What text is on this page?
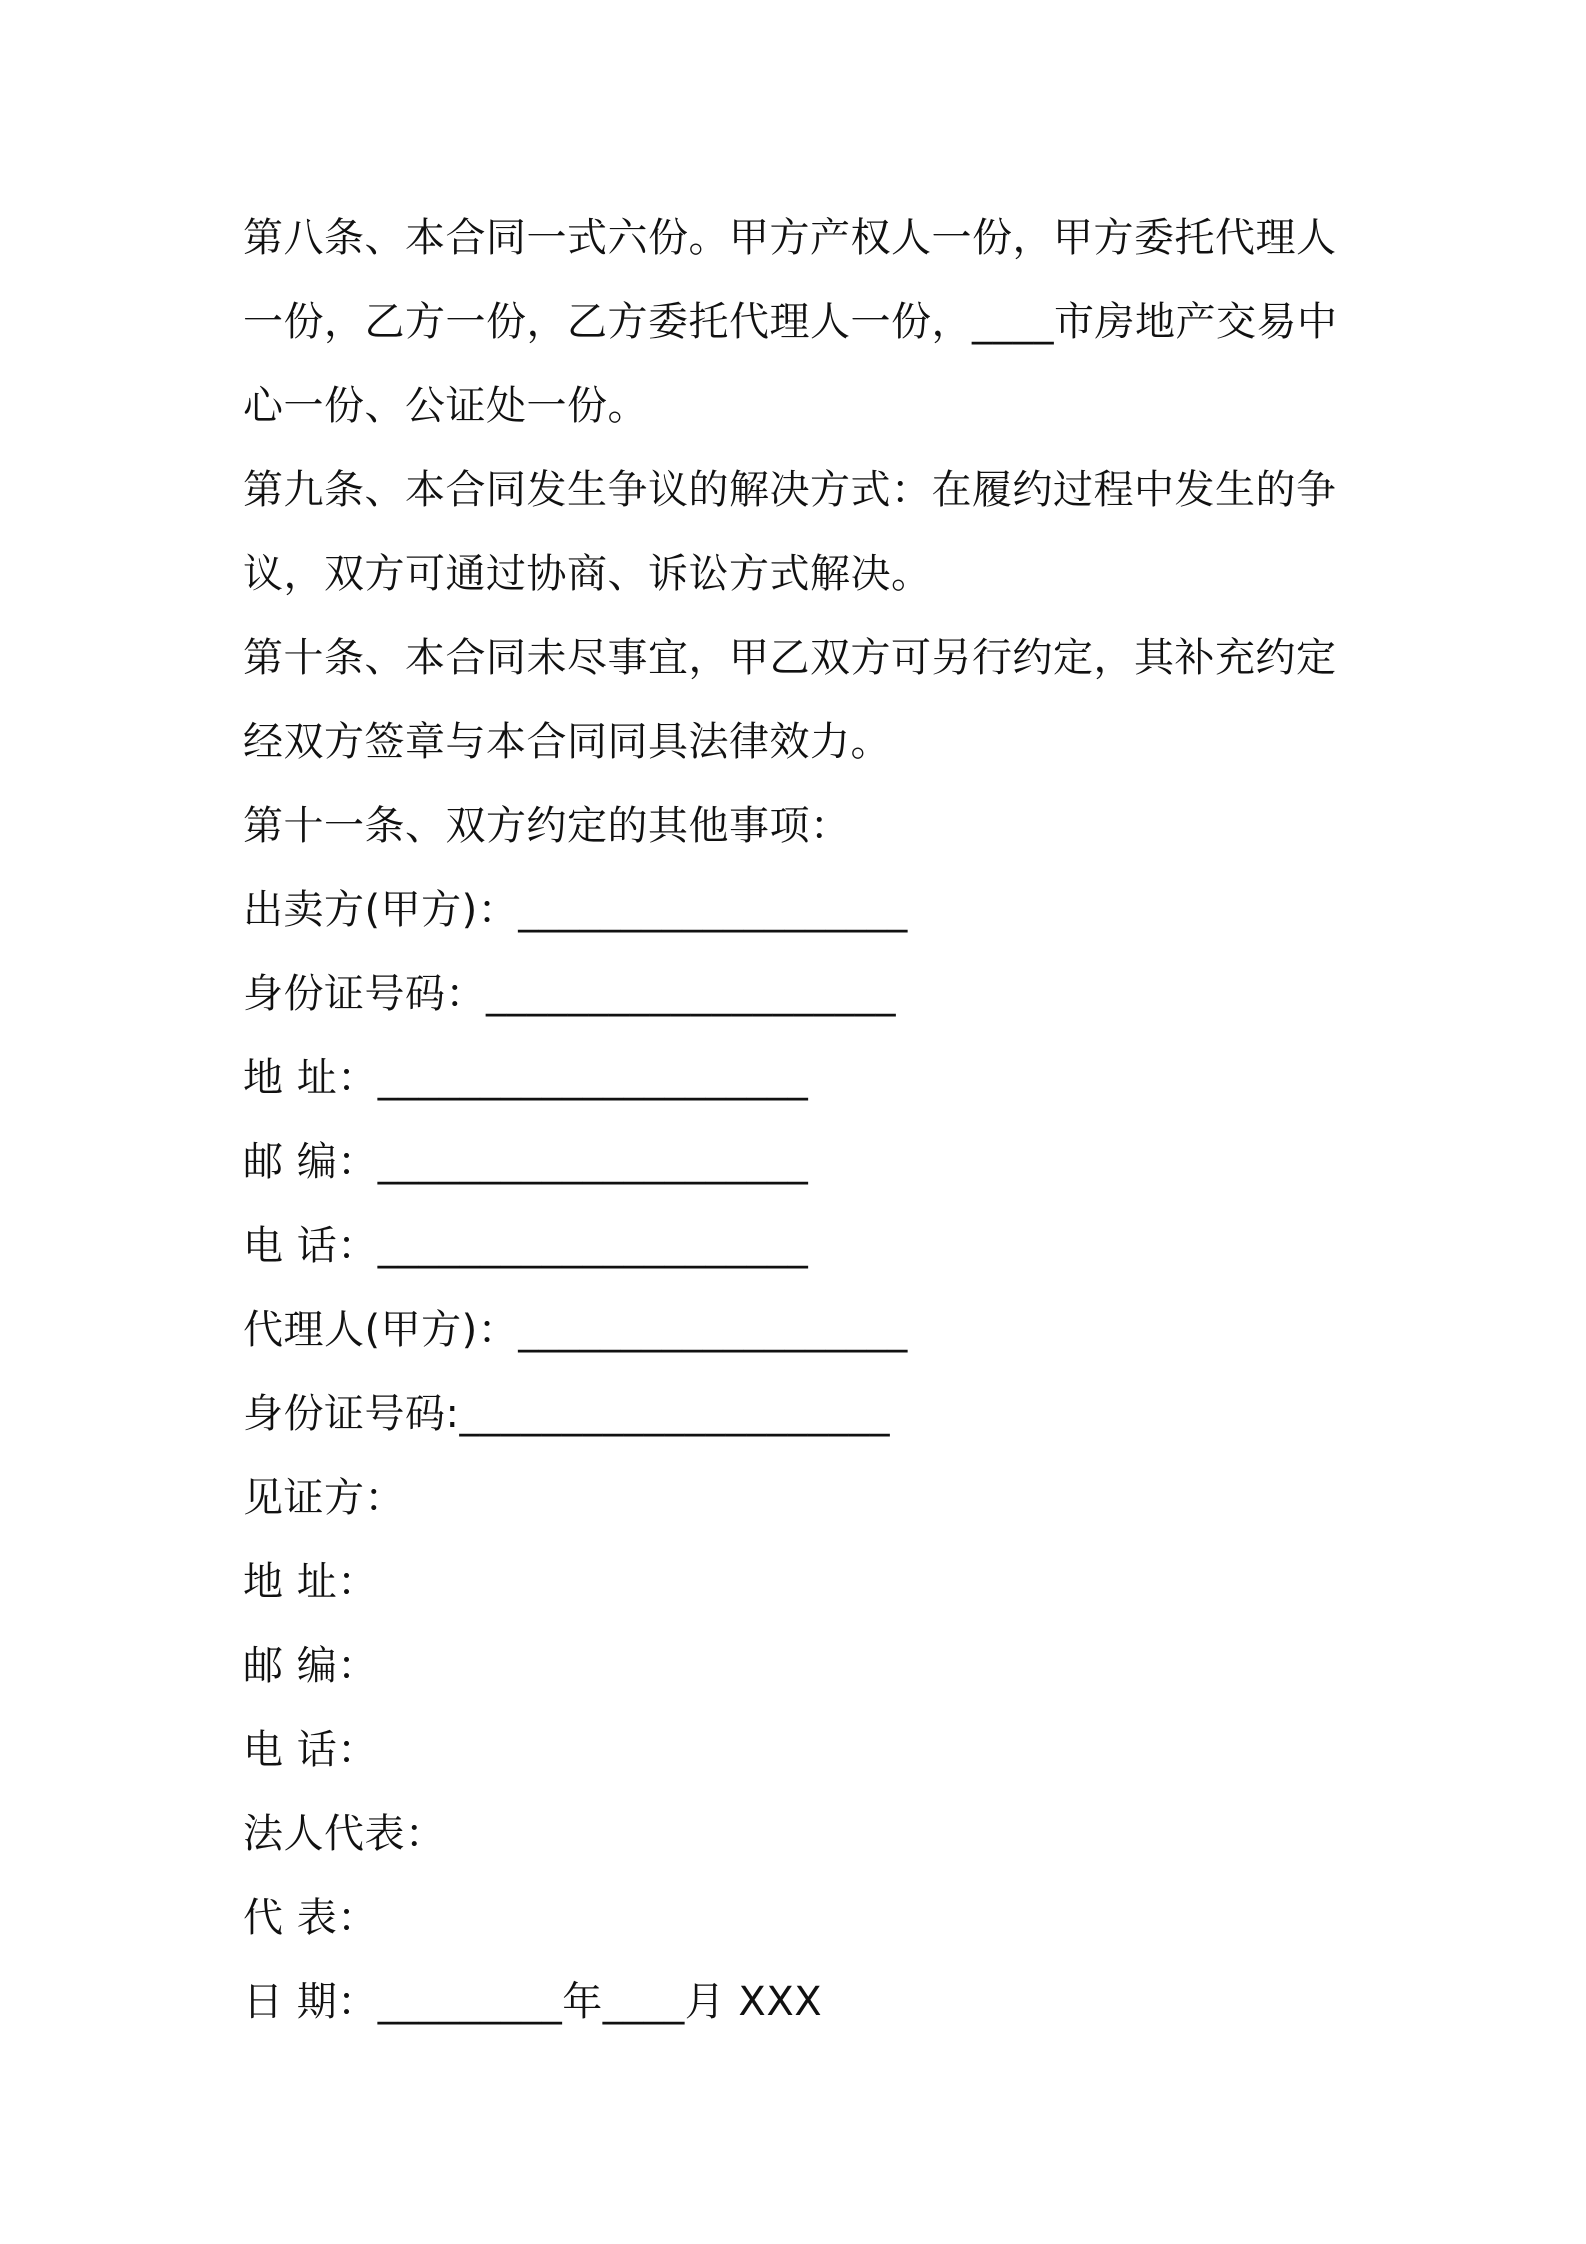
第八条、本合同一式六份。甲方产权人一份，甲方委托代理人一份，乙方一份，乙方委托代理人一份，____市房地产交易中心一份、公证处一份。

第九条、本合同发生争议的解决方式：在履约过程中发生的争议，双方可通过协商、诉讼方式解决。

第十条、本合同未尽事宜，甲乙双方可另行约定，其补充约定经双方签章与本合同同具法律效力。

第十一条、双方约定的其他事项：

出卖方(甲方)：___________________

身份证号码：____________________

地 址：_____________________

邮 编：_____________________

电 话：_____________________

代理人(甲方)：___________________

身份证号码:_____________________

见证方：

地 址：

邮 编：

电 话：

法人代表：

代 表：

日 期：_________年____月 XXX
